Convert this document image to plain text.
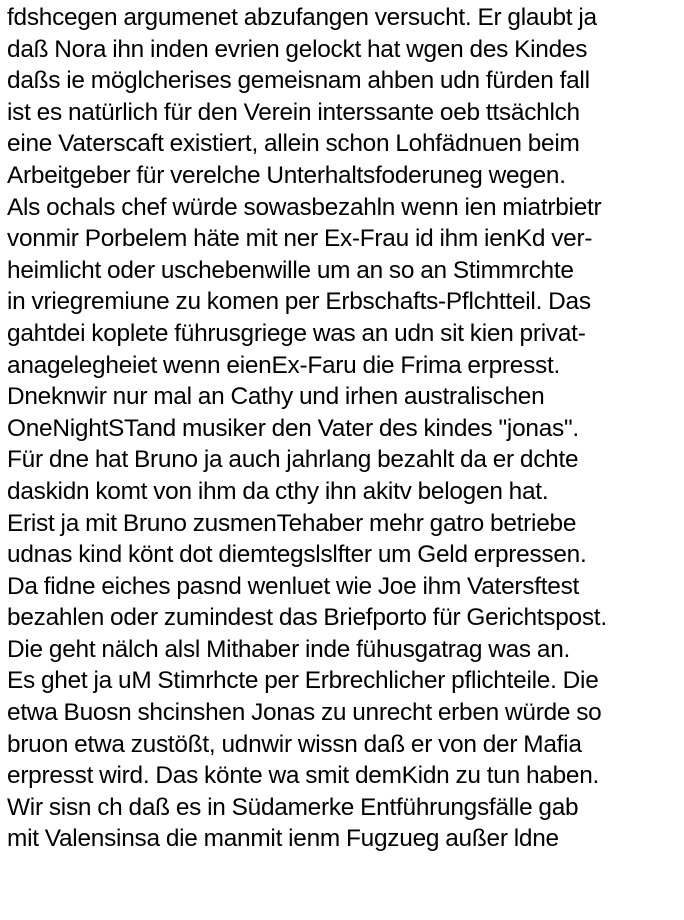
fdshcegen argumenet abzufangen versucht. Er glaubt ja
daß Nora ihn inden evrien gelockt hat wgen des Kindes
daßs ie möglcherises gemeisnam ahben udn fürden fall
ist es natürlich für den Verein interssante oeb ttsächlch
eine Vaterscaft existiert, allein schon Lohfädnuen beim
Arbeitgeber für verelche Unterhaltsfoderuneg wegen.
Als ochals chef würde sowasbezahln wenn ien miatrbietr
vonmir Porbelem häte mit ner Ex-Frau id ihm ienKd ver-
heimlicht oder uschebenwille um an so an Stimmrchte
in vriegremiune zu komen per Erbschafts-Pflchtteil. Das
gahtdei koplete führusgriege was an udn sit kien privat-
anagelegheiet wenn eienEx-Faru die Frima erpresst.
Dneknwir nur mal an Cathy und irhen australischen
OneNightSTand musiker den Vater des kindes "jonas".
Für dne hat Bruno ja auch jahrlang bezahlt da er dchte
daskidn komt von ihm da cthy ihn akitv belogen hat.
Erist ja mit Bruno zusmenTehaber mehr gatro betriebe
udnas kind könt dot diemtegslslfter um Geld erpressen.
Da fidne eiches pasnd wenluet wie Joe ihm Vatersftest
bezahlen oder zumindest das Briefporto für Gerichtspost.
Die geht nälch alsl Mithaber inde fühusgatrag was an.
Es ghet ja uM Stimrhcte per Erbrechlicher pflichteile. Die
etwa Buosn shcinshen Jonas zu unrecht erben würde so
bruon etwa zustößt, udnwir wissn daß er von der Mafia
erpresst wird. Das könte wa smit demKidn zu tun haben.
Wir sisn ch daß es in Südamerke Entführungsfälle gab
mit Valensinsa die manmit ienm Fugzueg außer ldne
